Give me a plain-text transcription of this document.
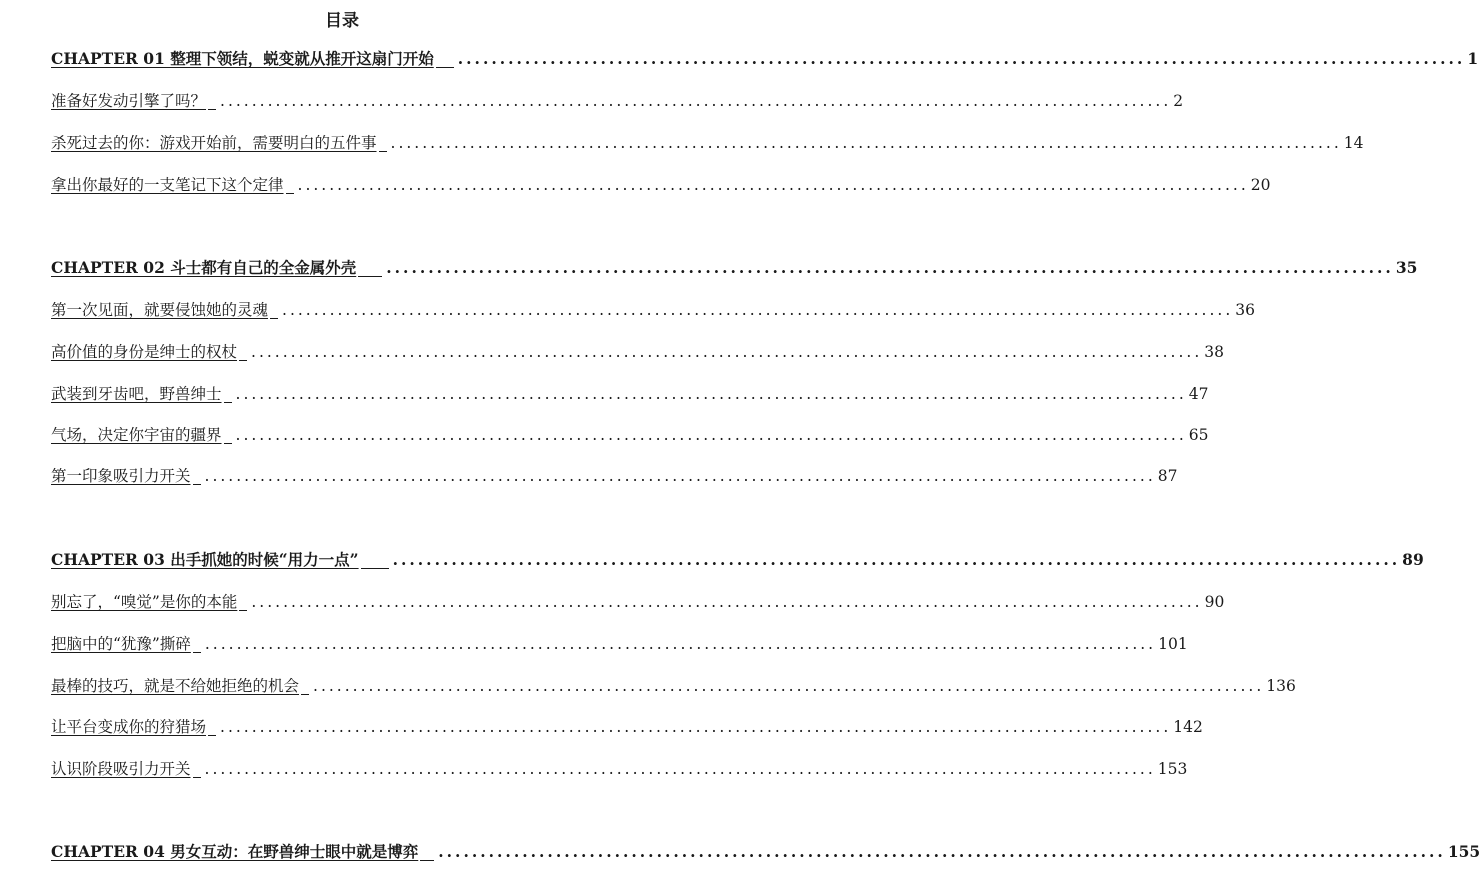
目录
CHAPTER 01 整理下领结，蜕变就从推开这扇门开始 ........................................................................................................................ 1
准备好发动引擎了吗？ ........................................................................................................................ 2
杀死过去的你：游戏开始前，需要明白的五件事 ........................................................................................................................ 14
拿出你最好的一支笔记下这个定律 ........................................................................................................................ 20
CHAPTER 02 斗士都有自己的全金属外壳 ........................................................................................................................ 35
第一次见面，就要侵蚀她的灵魂 ........................................................................................................................ 36
高价值的身份是绅士的权杖 ........................................................................................................................ 38
武装到牙齿吧，野兽绅士 ........................................................................................................................ 47
气场，决定你宇宙的疆界 ........................................................................................................................ 65
第一印象吸引力开关 ........................................................................................................................ 87
CHAPTER 03 出手抓她的时候“用力一点” ........................................................................................................................ 89
别忘了，“嗅觉”是你的本能 ........................................................................................................................ 90
把脑中的“犹豫”撕碎 ........................................................................................................................ 101
最棒的技巧，就是不给她拒绝的机会 ........................................................................................................................ 136
让平台变成你的狩猎场 ........................................................................................................................ 142
认识阶段吸引力开关 ........................................................................................................................ 153
CHAPTER 04 男女互动：在野兽绅士眼中就是博弈 ........................................................................................................................ 155
